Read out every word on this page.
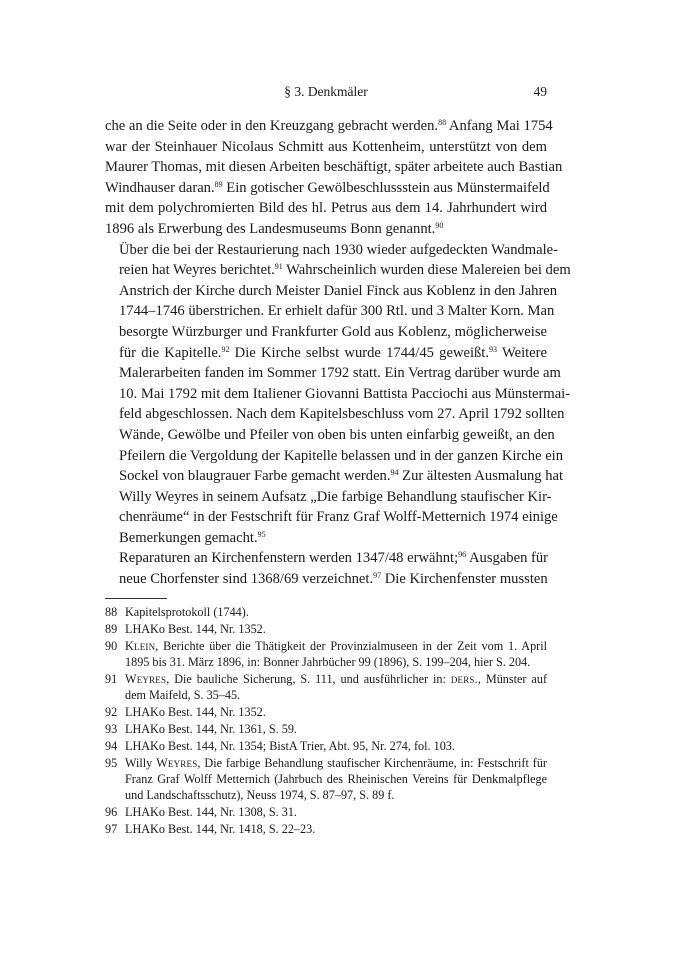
§ 3. Denkmäler	49

che an die Seite oder in den Kreuzgang gebracht werden.$^{88}$ Anfang Mai 1754
war der Steinhauer Nicolaus Schmitt aus Kottenheim, unterstützt von dem
Maurer Thomas, mit diesen Arbeiten beschäftigt, später arbeitete auch Bastian
Windhauser daran.$^{89}$ Ein gotischer Gewölbeschlussstein aus Münstermaifeld
mit dem polychromierten Bild des hl. Petrus aus dem 14. Jahrhundert wird
1896 als Erwerbung des Landesmuseums Bonn genannt.$^{90}$

Über die bei der Restaurierung nach 1930 wieder aufgedeckten Wandmale-
reien hat Weyres berichtet.$^{91}$ Wahrscheinlich wurden diese Malereien bei dem
Anstrich der Kirche durch Meister Daniel Finck aus Koblenz in den Jahren
1744–1746 überstrichen. Er erhielt dafür 300 Rtl. und 3 Malter Korn. Man
besorgte Würzburger und Frankfurter Gold aus Koblenz, möglicherweise
für die Kapitelle.$^{92}$ Die Kirche selbst wurde 1744/45 geweißt.$^{93}$ Weitere
Malerarbeiten fanden im Sommer 1792 statt. Ein Vertrag darüber wurde am
10. Mai 1792 mit dem Italiener Giovanni Battista Pacciochi aus Münstermai-
feld abgeschlossen. Nach dem Kapitelsbeschluss vom 27. April 1792 sollten
Wände, Gewölbe und Pfeiler von oben bis unten einfarbig geweißt, an den
Pfeilern die Vergoldung der Kapitelle belassen und in der ganzen Kirche ein
Sockel von blaugrauer Farbe gemacht werden.$^{94}$ Zur ältesten Ausmalung hat
Willy Weyres in seinem Aufsatz „Die farbige Behandlung staufischer Kir-
chenräume“ in der Festschrift für Franz Graf Wolff-Metternich 1974 einige
Bemerkungen gemacht.$^{95}$

Reparaturen an Kirchenfenstern werden 1347/48 erwähnt;$^{96}$ Ausgaben für
neue Chorfenster sind 1368/69 verzeichnet.$^{97}$ Die Kirchenfenster mussten

88 Kapitelsprotokoll (1744).
89 LHAKo Best. 144, Nr. 1352.
90 Klein, Berichte über die Thätigkeit der Provinzialmuseen in der Zeit vom 1. April 1895 bis 31. März 1896, in: Bonner Jahrbücher 99 (1896), S. 199–204, hier S. 204.
91 Weyres, Die bauliche Sicherung, S. 111, und ausführlicher in: ders., Münster auf dem Maifeld, S. 35–45.
92 LHAKo Best. 144, Nr. 1352.
93 LHAKo Best. 144, Nr. 1361, S. 59.
94 LHAKo Best. 144, Nr. 1354; BistA Trier, Abt. 95, Nr. 274, fol. 103.
95 Willy Weyres, Die farbige Behandlung staufischer Kirchenräume, in: Festschrift für Franz Graf Wolff Metternich (Jahrbuch des Rheinischen Vereins für Denkmalpflege und Landschaftsschutz), Neuss 1974, S. 87–97, S. 89 f.
96 LHAKo Best. 144, Nr. 1308, S. 31.
97 LHAKo Best. 144, Nr. 1418, S. 22–23.
